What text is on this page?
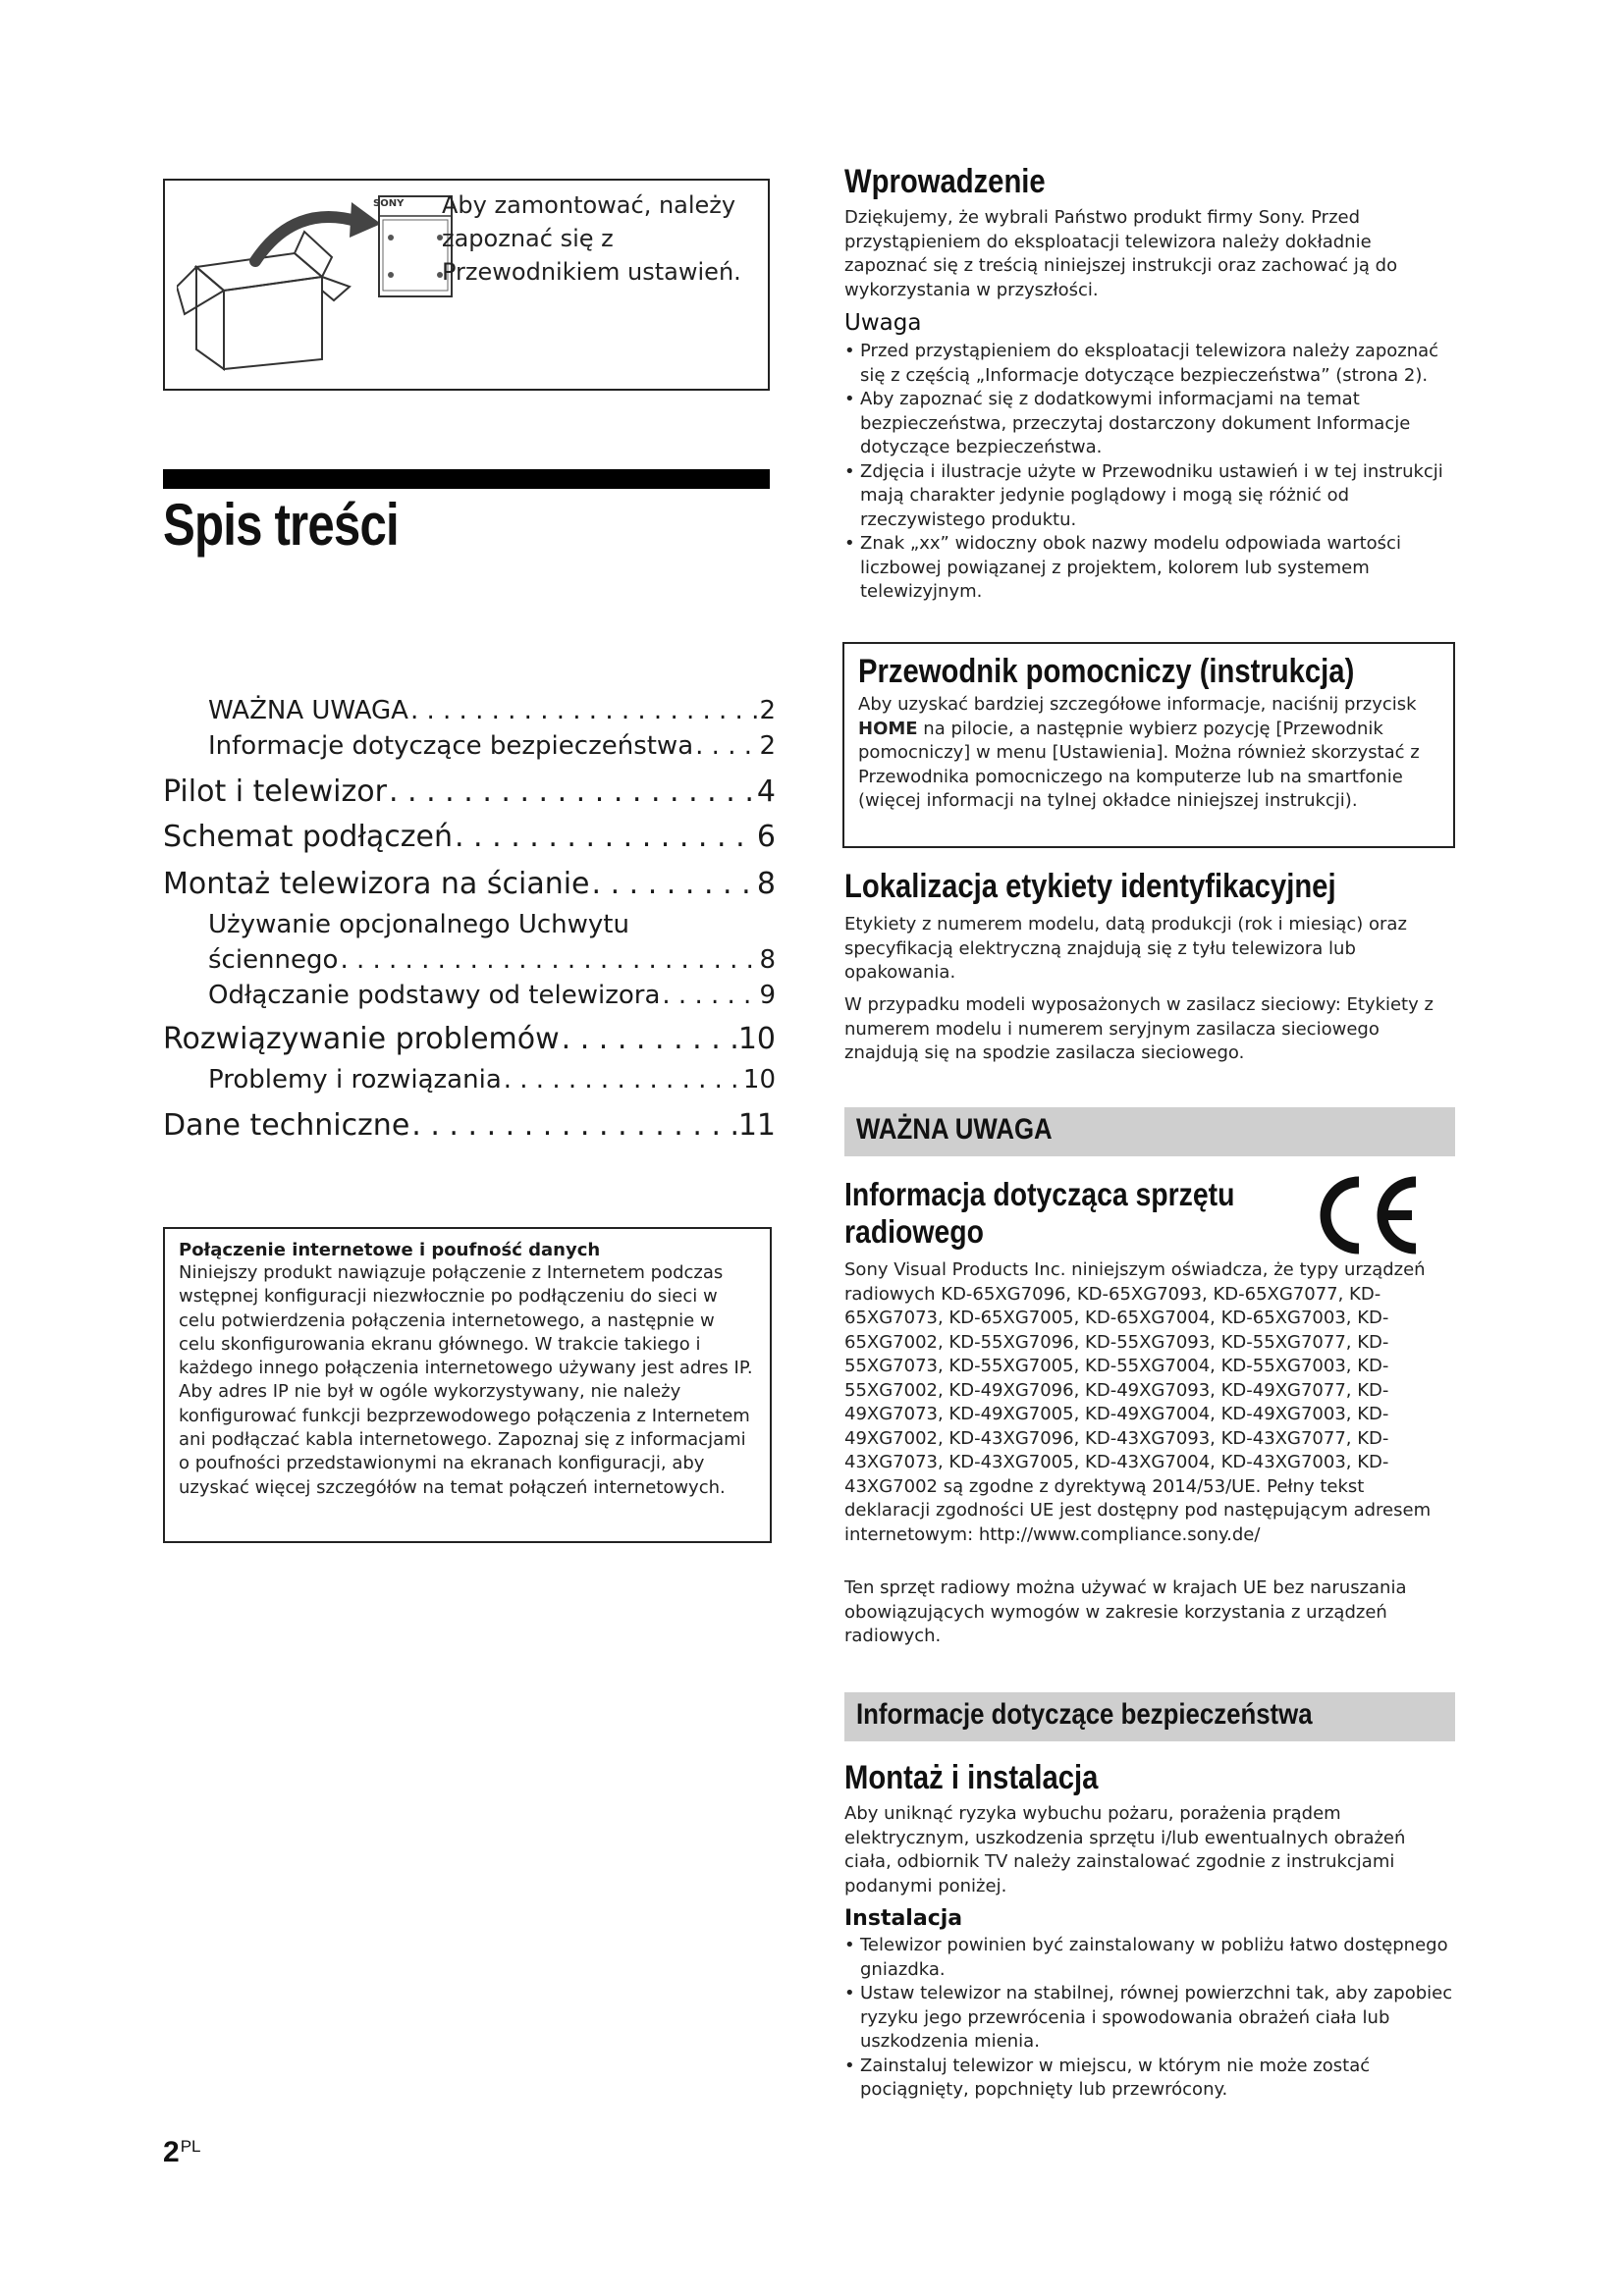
SONY Aby zamontować, należy zapoznać się z Przewodnikiem ustawień.
Spis treści
WAŻNA UWAGA . . .	2
Informacje dotyczące bezpieczeństwa . . .	2
Pilot i telewizor . . .	4
Schemat podłączeń . . .	6
Montaż telewizora na ścianie . . .	8
Używanie opcjonalnego Uchwytu
ściennego . . .	8
Odłączanie podstawy od telewizora . . .	9
Rozwiązywanie problemów . . .	10
Problemy i rozwiązania . . .	10
Dane techniczne . . .	11
Połączenie internetowe i poufność danych
Niniejszy produkt nawiązuje połączenie z Internetem podczas wstępnej konfiguracji niezwłocznie po podłączeniu do sieci w celu potwierdzenia połączenia internetowego, a następnie w celu skonfigurowania ekranu głównego. W trakcie takiego i każdego innego połączenia internetowego używany jest adres IP. Aby adres IP nie był w ogóle wykorzystywany, nie należy konfigurować funkcji bezprzewodowego połączenia z Internetem ani podłączać kabla internetowego. Zapoznaj się z informacjami o poufności przedstawionymi na ekranach konfiguracji, aby uzyskać więcej szczegółów na temat połączeń internetowych.
Wprowadzenie
Dziękujemy, że wybrali Państwo produkt firmy Sony. Przed przystąpieniem do eksploatacji telewizora należy dokładnie zapoznać się z treścią niniejszej instrukcji oraz zachować ją do wykorzystania w przyszłości.
Uwaga
• Przed przystąpieniem do eksploatacji telewizora należy zapoznać się z częścią „Informacje dotyczące bezpieczeństwa” (strona 2).
• Aby zapoznać się z dodatkowymi informacjami na temat bezpieczeństwa, przeczytaj dostarczony dokument Informacje dotyczące bezpieczeństwa.
• Zdjęcia i ilustracje użyte w Przewodniku ustawień i w tej instrukcji mają charakter jedynie poglądowy i mogą się różnić od rzeczywistego produktu.
• Znak „xx” widoczny obok nazwy modelu odpowiada wartości liczbowej powiązanej z projektem, kolorem lub systemem telewizyjnym.
Przewodnik pomocniczy (instrukcja)
Aby uzyskać bardziej szczegółowe informacje, naciśnij przycisk HOME na pilocie, a następnie wybierz pozycję [Przewodnik pomocniczy] w menu [Ustawienia]. Można również skorzystać z Przewodnika pomocniczego na komputerze lub na smartfonie (więcej informacji na tylnej okładce niniejszej instrukcji).
Lokalizacja etykiety identyfikacyjnej
Etykiety z numerem modelu, datą produkcji (rok i miesiąc) oraz specyfikacją elektryczną znajdują się z tyłu telewizora lub opakowania.
W przypadku modeli wyposażonych w zasilacz sieciowy: Etykiety z numerem modelu i numerem seryjnym zasilacza sieciowego znajdują się na spodzie zasilacza sieciowego.
WAŻNA UWAGA
Informacja dotycząca sprzętu
radiowego
Sony Visual Products Inc. niniejszym oświadcza, że typy urządzeń radiowych KD-65XG7096, KD-65XG7093, KD-65XG7077, KD-65XG7073, KD-65XG7005, KD-65XG7004, KD-65XG7003, KD-65XG7002, KD-55XG7096, KD-55XG7093, KD-55XG7077, KD-55XG7073, KD-55XG7005, KD-55XG7004, KD-55XG7003, KD-55XG7002, KD-49XG7096, KD-49XG7093, KD-49XG7077, KD-49XG7073, KD-49XG7005, KD-49XG7004, KD-49XG7003, KD-49XG7002, KD-43XG7096, KD-43XG7093, KD-43XG7077, KD-43XG7073, KD-43XG7005, KD-43XG7004, KD-43XG7003, KD-43XG7002 są zgodne z dyrektywą 2014/53/UE. Pełny tekst deklaracji zgodności UE jest dostępny pod następującym adresem internetowym: http://www.compliance.sony.de/
Ten sprzęt radiowy można używać w krajach UE bez naruszania obowiązujących wymogów w zakresie korzystania z urządzeń radiowych.
Informacje dotyczące bezpieczeństwa
Montaż i instalacja
Aby uniknąć ryzyka wybuchu pożaru, porażenia prądem elektrycznym, uszkodzenia sprzętu i/lub ewentualnych obrażeń ciała, odbiornik TV należy zainstalować zgodnie z instrukcjami podanymi poniżej.
Instalacja
• Telewizor powinien być zainstalowany w pobliżu łatwo dostępnego gniazdka.
• Ustaw telewizor na stabilnej, równej powierzchni tak, aby zapobiec ryzyku jego przewrócenia i spowodowania obrażeń ciała lub uszkodzenia mienia.
• Zainstaluj telewizor w miejscu, w którym nie może zostać pociągnięty, popchnięty lub przewrócony.
$2^{PL}$
